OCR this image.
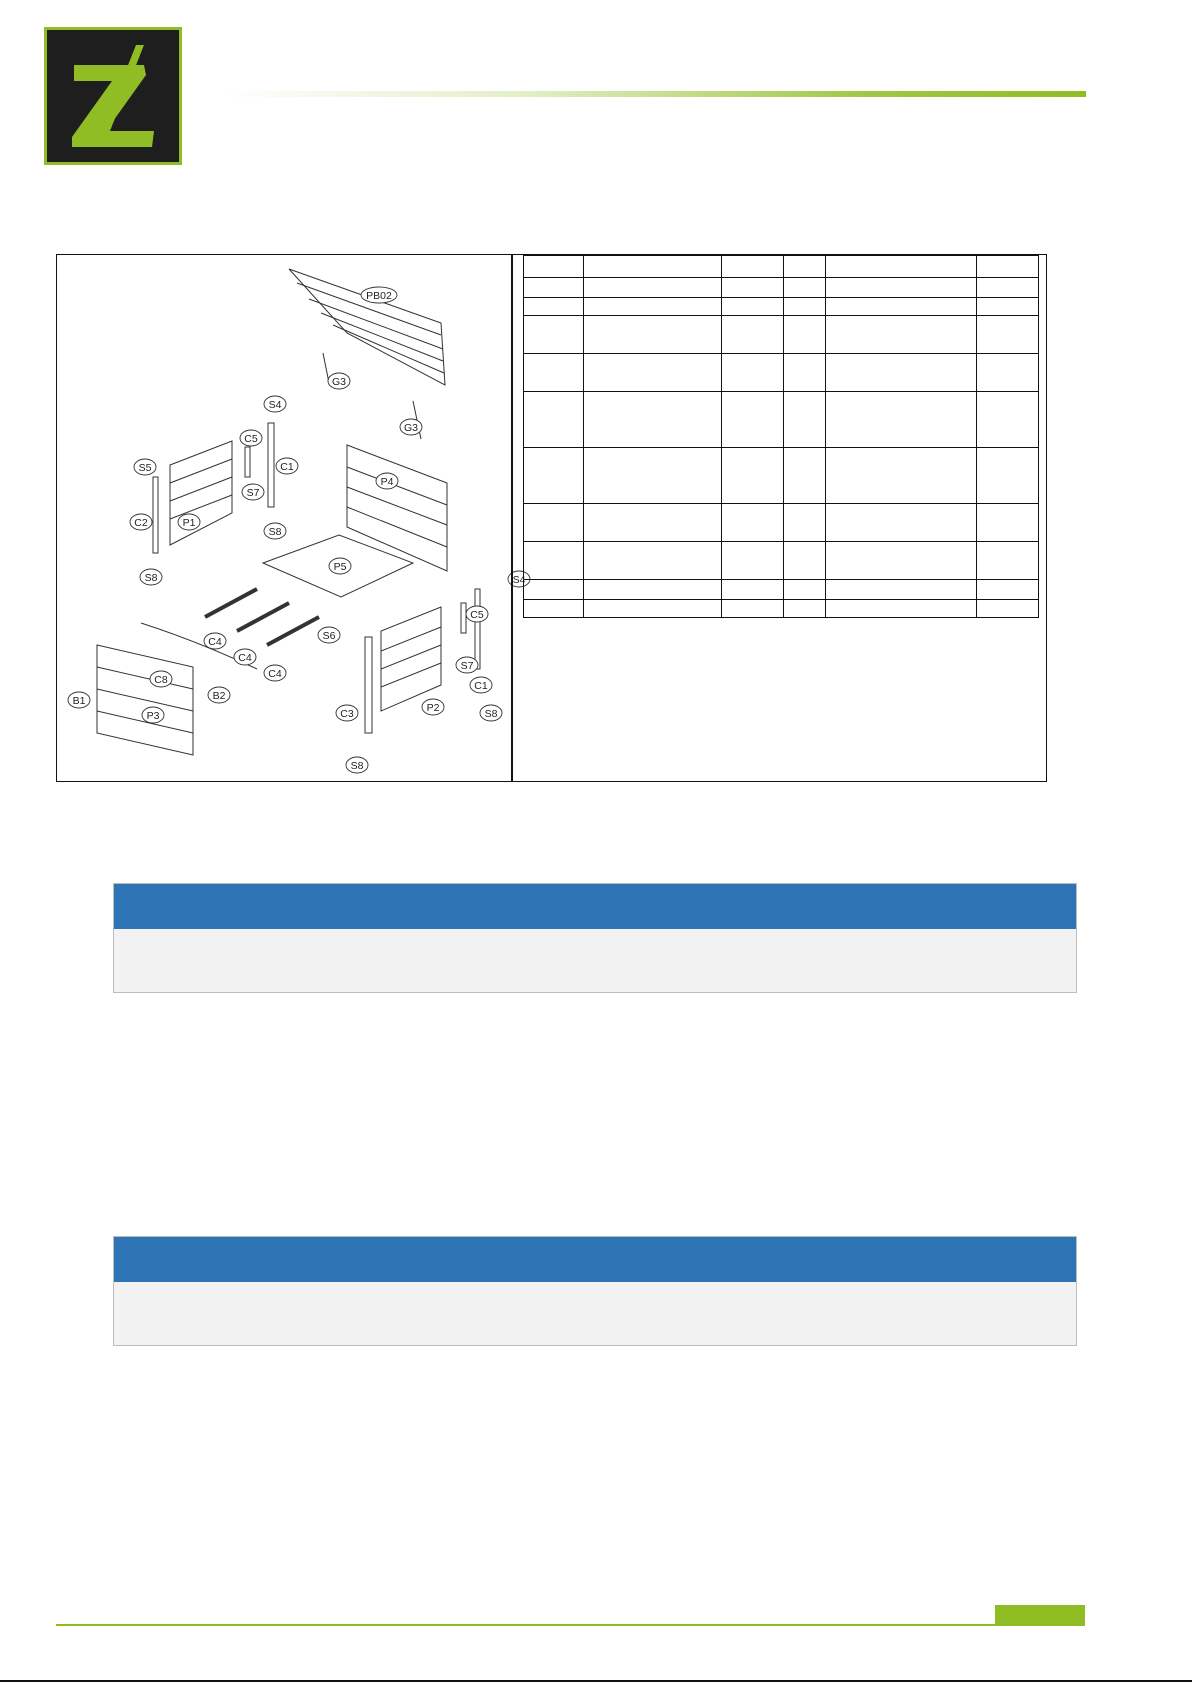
PB02
G3
G3
S4
C5
C1
S5
S7
P4
C2	P1
S8
P5
S8	S4
C5
C4
C4
C4
S6
S7
C8
B2
C1
B1
P3	C3	P2	S8
S8
